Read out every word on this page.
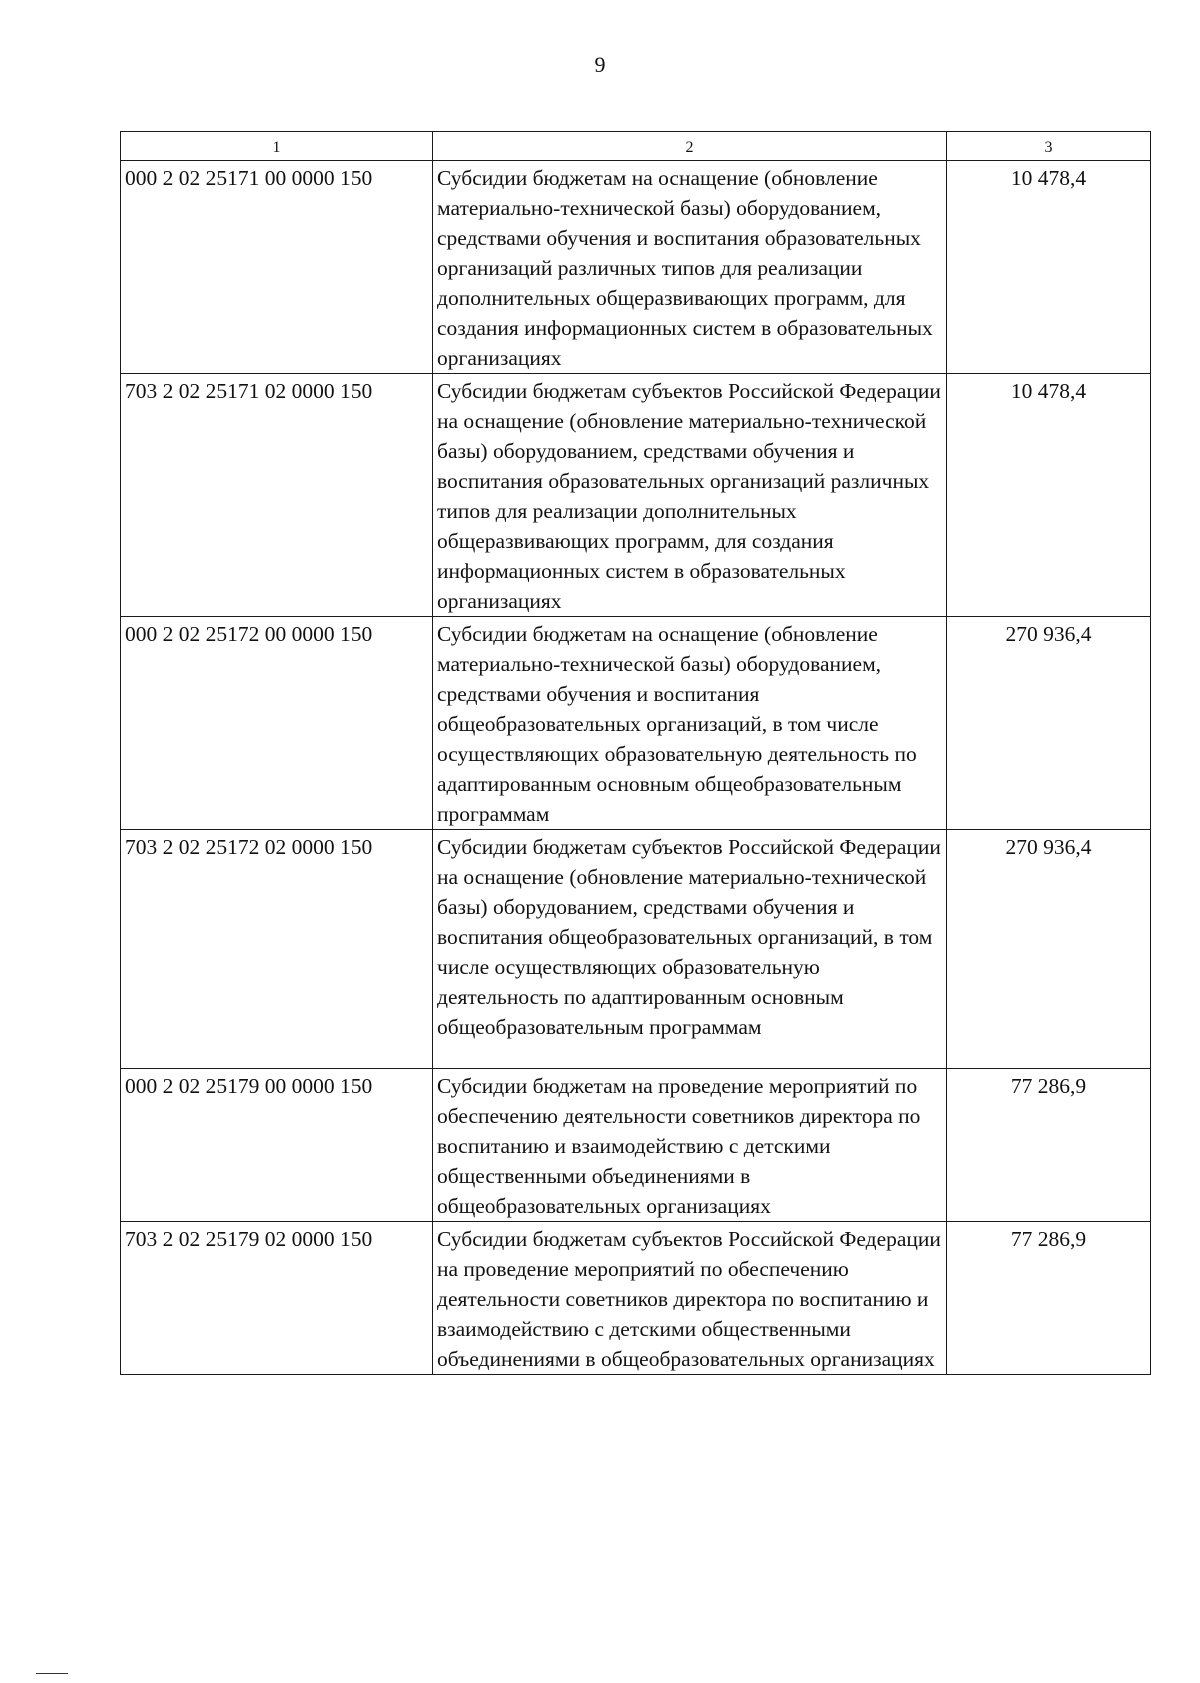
9
1	2	3
000 2 02 25171 00 0000 150	Субсидии бюджетам на оснащение (обновление материально-технической базы) оборудованием, средствами обучения и воспитания образовательных организаций различных типов для реализации дополнительных общеразвивающих программ, для создания информационных систем в образовательных организациях	10 478,4
703 2 02 25171 02 0000 150	Субсидии бюджетам субъектов Российской Федерации на оснащение (обновление материально-технической базы) оборудованием, средствами обучения и воспитания образовательных организаций различных типов для реализации дополнительных общеразвивающих программ, для создания информационных систем в образовательных организациях	10 478,4
000 2 02 25172 00 0000 150	Субсидии бюджетам на оснащение (обновление материально-технической базы) оборудованием, средствами обучения и воспитания общеобразовательных организаций, в том числе осуществляющих образовательную деятельность по адаптированным основным общеобразовательным программам	270 936,4
703 2 02 25172 02 0000 150	Субсидии бюджетам субъектов Российской Федерации на оснащение (обновление материально-технической базы) оборудованием, средствами обучения и воспитания общеобразовательных организаций, в том числе осуществляющих образовательную деятельность по адаптированным основным общеобразовательным программам	270 936,4
000 2 02 25179 00 0000 150	Субсидии бюджетам на проведение мероприятий по обеспечению деятельности советников директора по воспитанию и взаимодействию с детскими общественными объединениями в общеобразовательных организациях	77 286,9
703 2 02 25179 02 0000 150	Субсидии бюджетам субъектов Российской Федерации на проведение мероприятий по обеспечению деятельности советников директора по воспитанию и взаимодействию с детскими общественными объединениями в общеобразовательных организациях	77 286,9
